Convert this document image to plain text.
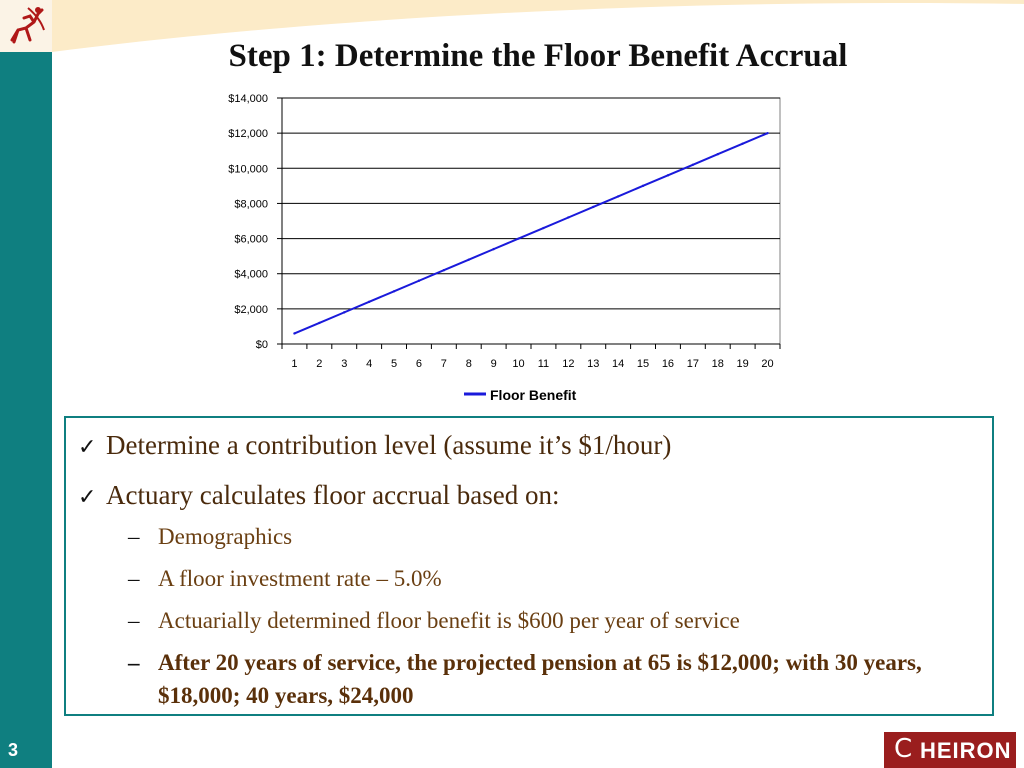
3
Step 1: Determine the Floor Benefit Accrual
$0
$2,000
$4,000
$6,000
$8,000
$10,000
$12,000
$14,000
1 2 3 4 5 6 7 8 9 10 11 12 13 14 15 16 17 18 19 20
Floor Benefit
✓ Determine a contribution level (assume it’s $1/hour)
✓ Actuary calculates floor accrual based on:
– Demographics
– A floor investment rate – 5.0%
– Actuarially determined floor benefit is $600 per year of service
– After 20 years of service, the projected pension at 65 is $12,000; with 30 years, $18,000; 40 years, $24,000
C HEIRON
